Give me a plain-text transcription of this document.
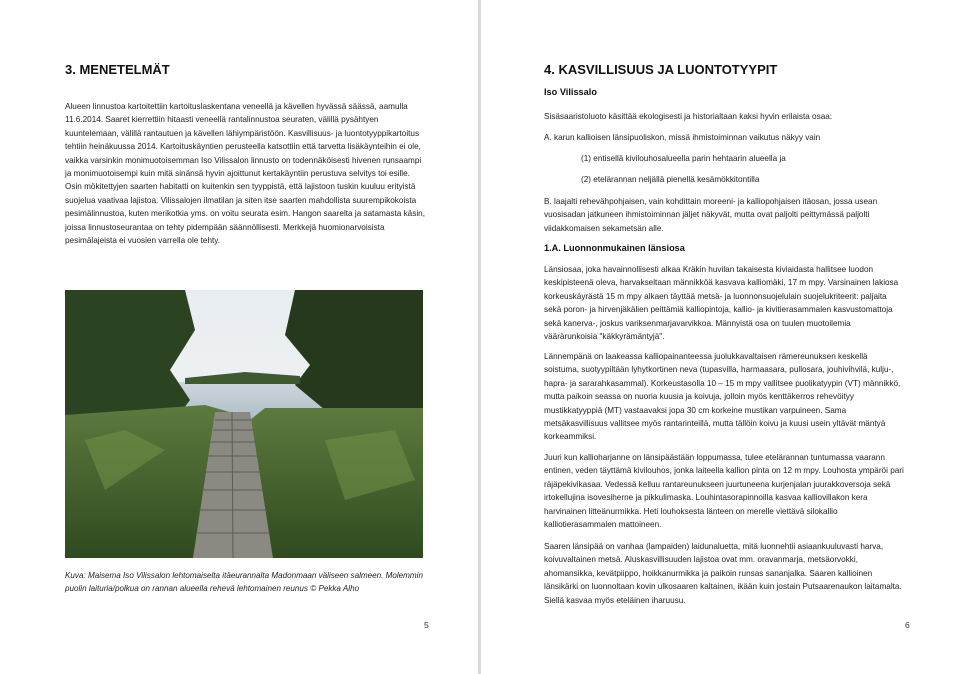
3. MENETELMÄT

Alueen linnustoa kartoitettiin kartoituslaskentana veneellä ja kävellen hyvässä säässä, aamulla 11.6.2014. Saaret kierrettiin hitaasti veneellä rantalinnustoa seuraten, välillä pysähtyen kuuntelemaan, välillä rantautuen ja kävellen lähiympäristöön. Kasvillisuus- ja luontotyyppikartoitus tehtiin heinäkuussa 2014. Kartoituskäyntien perusteella katsottiin että tarvetta lisäkäynteihin ei ole, vaikka varsinkin monimuotoisemman Iso Vilissalon linnusto on todennäköisesti hivenen runsaampi ja monimuotoisempi kuin mitä sinänsä hyvin ajoittunut kertakäyntiin perustuva selvitys toi esille. Osin mökitettyjen saarten habitatti on kuitenkin sen tyyppistä, että lajistoon tuskin kuuluu erityistä suojelua vaativaa lajistoa. Vilissalojen ilmatilan ja siten itse saarten mahdollista suurempikokoista pesimälinnustoa, kuten merikotkia yms. on voitu seurata esim. Hangon saarelta ja satamasta käsin, joissa linnustoseurantaa on tehty pidempään säännöllisesti. Merkkejä huomionarvoisista pesimälajeista ei vuosien varrella ole tehty.

Kuva: Maisema Iso Vilissalon lehtomaiselta itäeurannalta Madonmaan väliseen salmeen. Molemmin puolin laituria/polkua on rannan alueella rehevä lehtomainen reunus © Pekka Alho

5
4. KASVILLISUUS JA LUONTOTYYPIT
Iso Vilissalo
Sisäsaaristoluoto käsittää ekologisesti ja historialtaan kaksi hyvin erilaista osaa:
A. karun kallioisen länsipuoliskon, missä ihmistoiminnan vaikutus näkyy vain
(1) entisellä kivilouhosalueella parin hehtaarin alueella ja
(2) etelärannan neljällä pienellä kesämökkitontilla

B. laajalti rehevähpohjaisen, vain kohdittain moreeni- ja kalliopohjaisen itäosan, jossa usean vuosisadan jatkuneen ihmistoiminnan jäljet näkyvät, mutta ovat paljolti peittymässä paljolti viidakkomaisen sekametsän alle.

1.A. Luonnonmukainen länsiosa

Länsiosaa, joka havainnollisesti alkaa Kräkin huvilan takaisesta kiviaidasta hallitsee luodon keskipisteenä oleva, harvakseltaan männikköä kasvava kalliomäki, 17 m mpy. Varsinainen lakiosa korkeuskäyrästä 15 m mpy alkaen täyttää metsä- ja luonnonsuojelulain suojelukriteerit: paljaita sekä poron- ja hirvenjäkälien peittämiä kalliopintoja, kallio- ja kivitierasammalen kasvustomattoja sekä kanerva-, joskus variksenmarjavarvikkoa. Männyistä osa on tuulen muotoilemia väärärunkoisia "käkkyrämäntyjä".

Lännempänä on laakeassa kalliopainanteessa juolukkavaltaisen rämereunuksen keskellä soistuma, suotyypiltään lyhytkortinen neva (tupasvilla, harmaasara, pullosara, jouhivihvilä, kulju-, hapra- ja sararahkasammal). Korkeustasolla 10 – 15 m mpy vallitsee puolikatyypin (VT) männikkö, mutta paikoin seassa on nuoria kuusia ja koivuja, jolloin myös kenttäkerros rehevöityy mustikkatyyppiä (MT) vastaavaksi jopa 30 cm korkeine mustikan varpuineen. Sama metsäkasvillisuus vallitsee myös rantarinteillä, mutta tällöin koivu ja kuusi usein yltävät mäntyä korkeammiksi.

Juuri kun kallioharjanne on länsipäästään loppumassa, tulee etelärannan tuntumassa vaarann entinen, veden täyttämä kivilouhos, jonka laiteella kallion pinta on 12 m mpy. Louhosta ympäröi pari räjäpekivikasaa. Vedessä kelluu rantareunukseen juurtuneena kurjenjalan juurakkoversoja sekä irtokellujina isovesiherne ja pikkulimaska. Louhintasorapinnoilla kasvaa kalliovillakon kera harvinainen litteänurmikka. Heti louhoksesta länteen on merelle viettävä silokallio kalliotierasammalen mattoineen.

Saaren länsipää on vanhaa (lampaiden) laidunaluetta, mitä luonnehtii asiaankuuluvasti harva, koivuvaltainen metsä. Aluskasvillisuuden lajistoa ovat mm. oravanmarja, metsäorvokki, ahomansikka, kevätpiippo, hoikkanurmikka ja paikoin runsas sananjalka. Saaren kallioinen länsikärki on luonnoltaan kovin ulkosaaren kaltainen, ikään kuin jostain Putsaarenaukon laitamalta. Siellä kasvaa myös eteläinen iharuusu.

6
